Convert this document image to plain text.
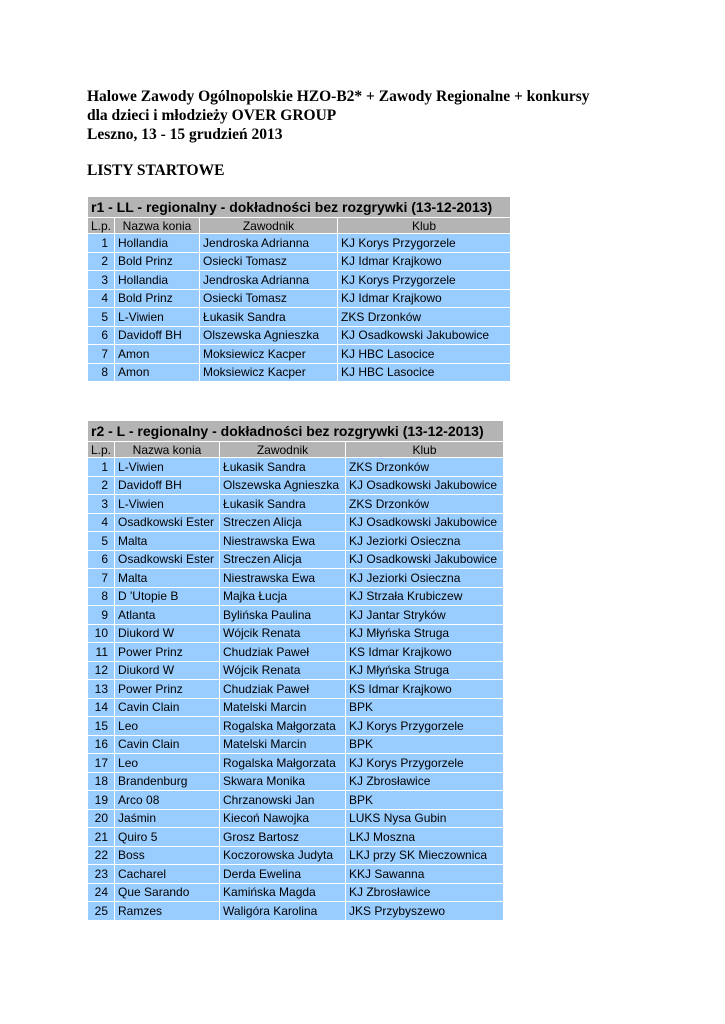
Halowe Zawody Ogólnopolskie HZO-B2* + Zawody Regionalne + konkursy
dla dzieci i młodzieży OVER GROUP
Leszno, 13 - 15 grudzień 2013
LISTY STARTOWE
r1 - LL - regionalny - dokładności bez rozgrywki (13-12-2013)			
L.p.	Nazwa konia	Zawodnik	Klub
1	Hollandia	Jendroska Adrianna	KJ Korys Przygorzele
2	Bold Prinz	Osiecki Tomasz	KJ Idmar Krajkowo
3	Hollandia	Jendroska Adrianna	KJ Korys Przygorzele
4	Bold Prinz	Osiecki Tomasz	KJ Idmar Krajkowo
5	L-Viwien	Łukasik Sandra	ZKS Drzonków
6	Davidoff BH	Olszewska Agnieszka	KJ Osadkowski Jakubowice
7	Amon	Moksiewicz Kacper	KJ HBC Lasocice
8	Amon	Moksiewicz Kacper	KJ HBC Lasocice
r2 - L - regionalny - dokładności bez rozgrywki (13-12-2013)			
L.p.	Nazwa konia	Zawodnik	Klub
1	L-Viwien	Łukasik Sandra	ZKS Drzonków
2	Davidoff BH	Olszewska Agnieszka	KJ Osadkowski Jakubowice
3	L-Viwien	Łukasik Sandra	ZKS Drzonków
4	Osadkowski Ester	Streczen Alicja	KJ Osadkowski Jakubowice
5	Malta	Niestrawska Ewa	KJ Jeziorki Osieczna
6	Osadkowski Ester	Streczen Alicja	KJ Osadkowski Jakubowice
7	Malta	Niestrawska Ewa	KJ Jeziorki Osieczna
8	D 'Utopie B	Majka Łucja	KJ Strzała Krubiczew
9	Atlanta	Bylińska Paulina	KJ Jantar Stryków
10	Diukord W	Wójcik Renata	KJ Młyńska Struga
11	Power Prinz	Chudziak Paweł	KS Idmar Krajkowo
12	Diukord W	Wójcik Renata	KJ Młyńska Struga
13	Power Prinz	Chudziak Paweł	KS Idmar Krajkowo
14	Cavin Clain	Matelski Marcin	BPK
15	Leo	Rogalska Małgorzata	KJ Korys Przygorzele
16	Cavin Clain	Matelski Marcin	BPK
17	Leo	Rogalska Małgorzata	KJ Korys Przygorzele
18	Brandenburg	Skwara Monika	KJ Zbrosławice
19	Arco 08	Chrzanowski Jan	BPK
20	Jaśmin	Kiecoń Nawojka	LUKS Nysa Gubin
21	Quiro 5	Grosz Bartosz	LKJ Moszna
22	Boss	Koczorowska Judyta	LKJ przy SK Mieczownica
23	Cacharel	Derda Ewelina	KKJ Sawanna
24	Que Sarando	Kamińska Magda	KJ Zbrosławice
25	Ramzes	Waligóra Karolina	JKS Przybyszewo
